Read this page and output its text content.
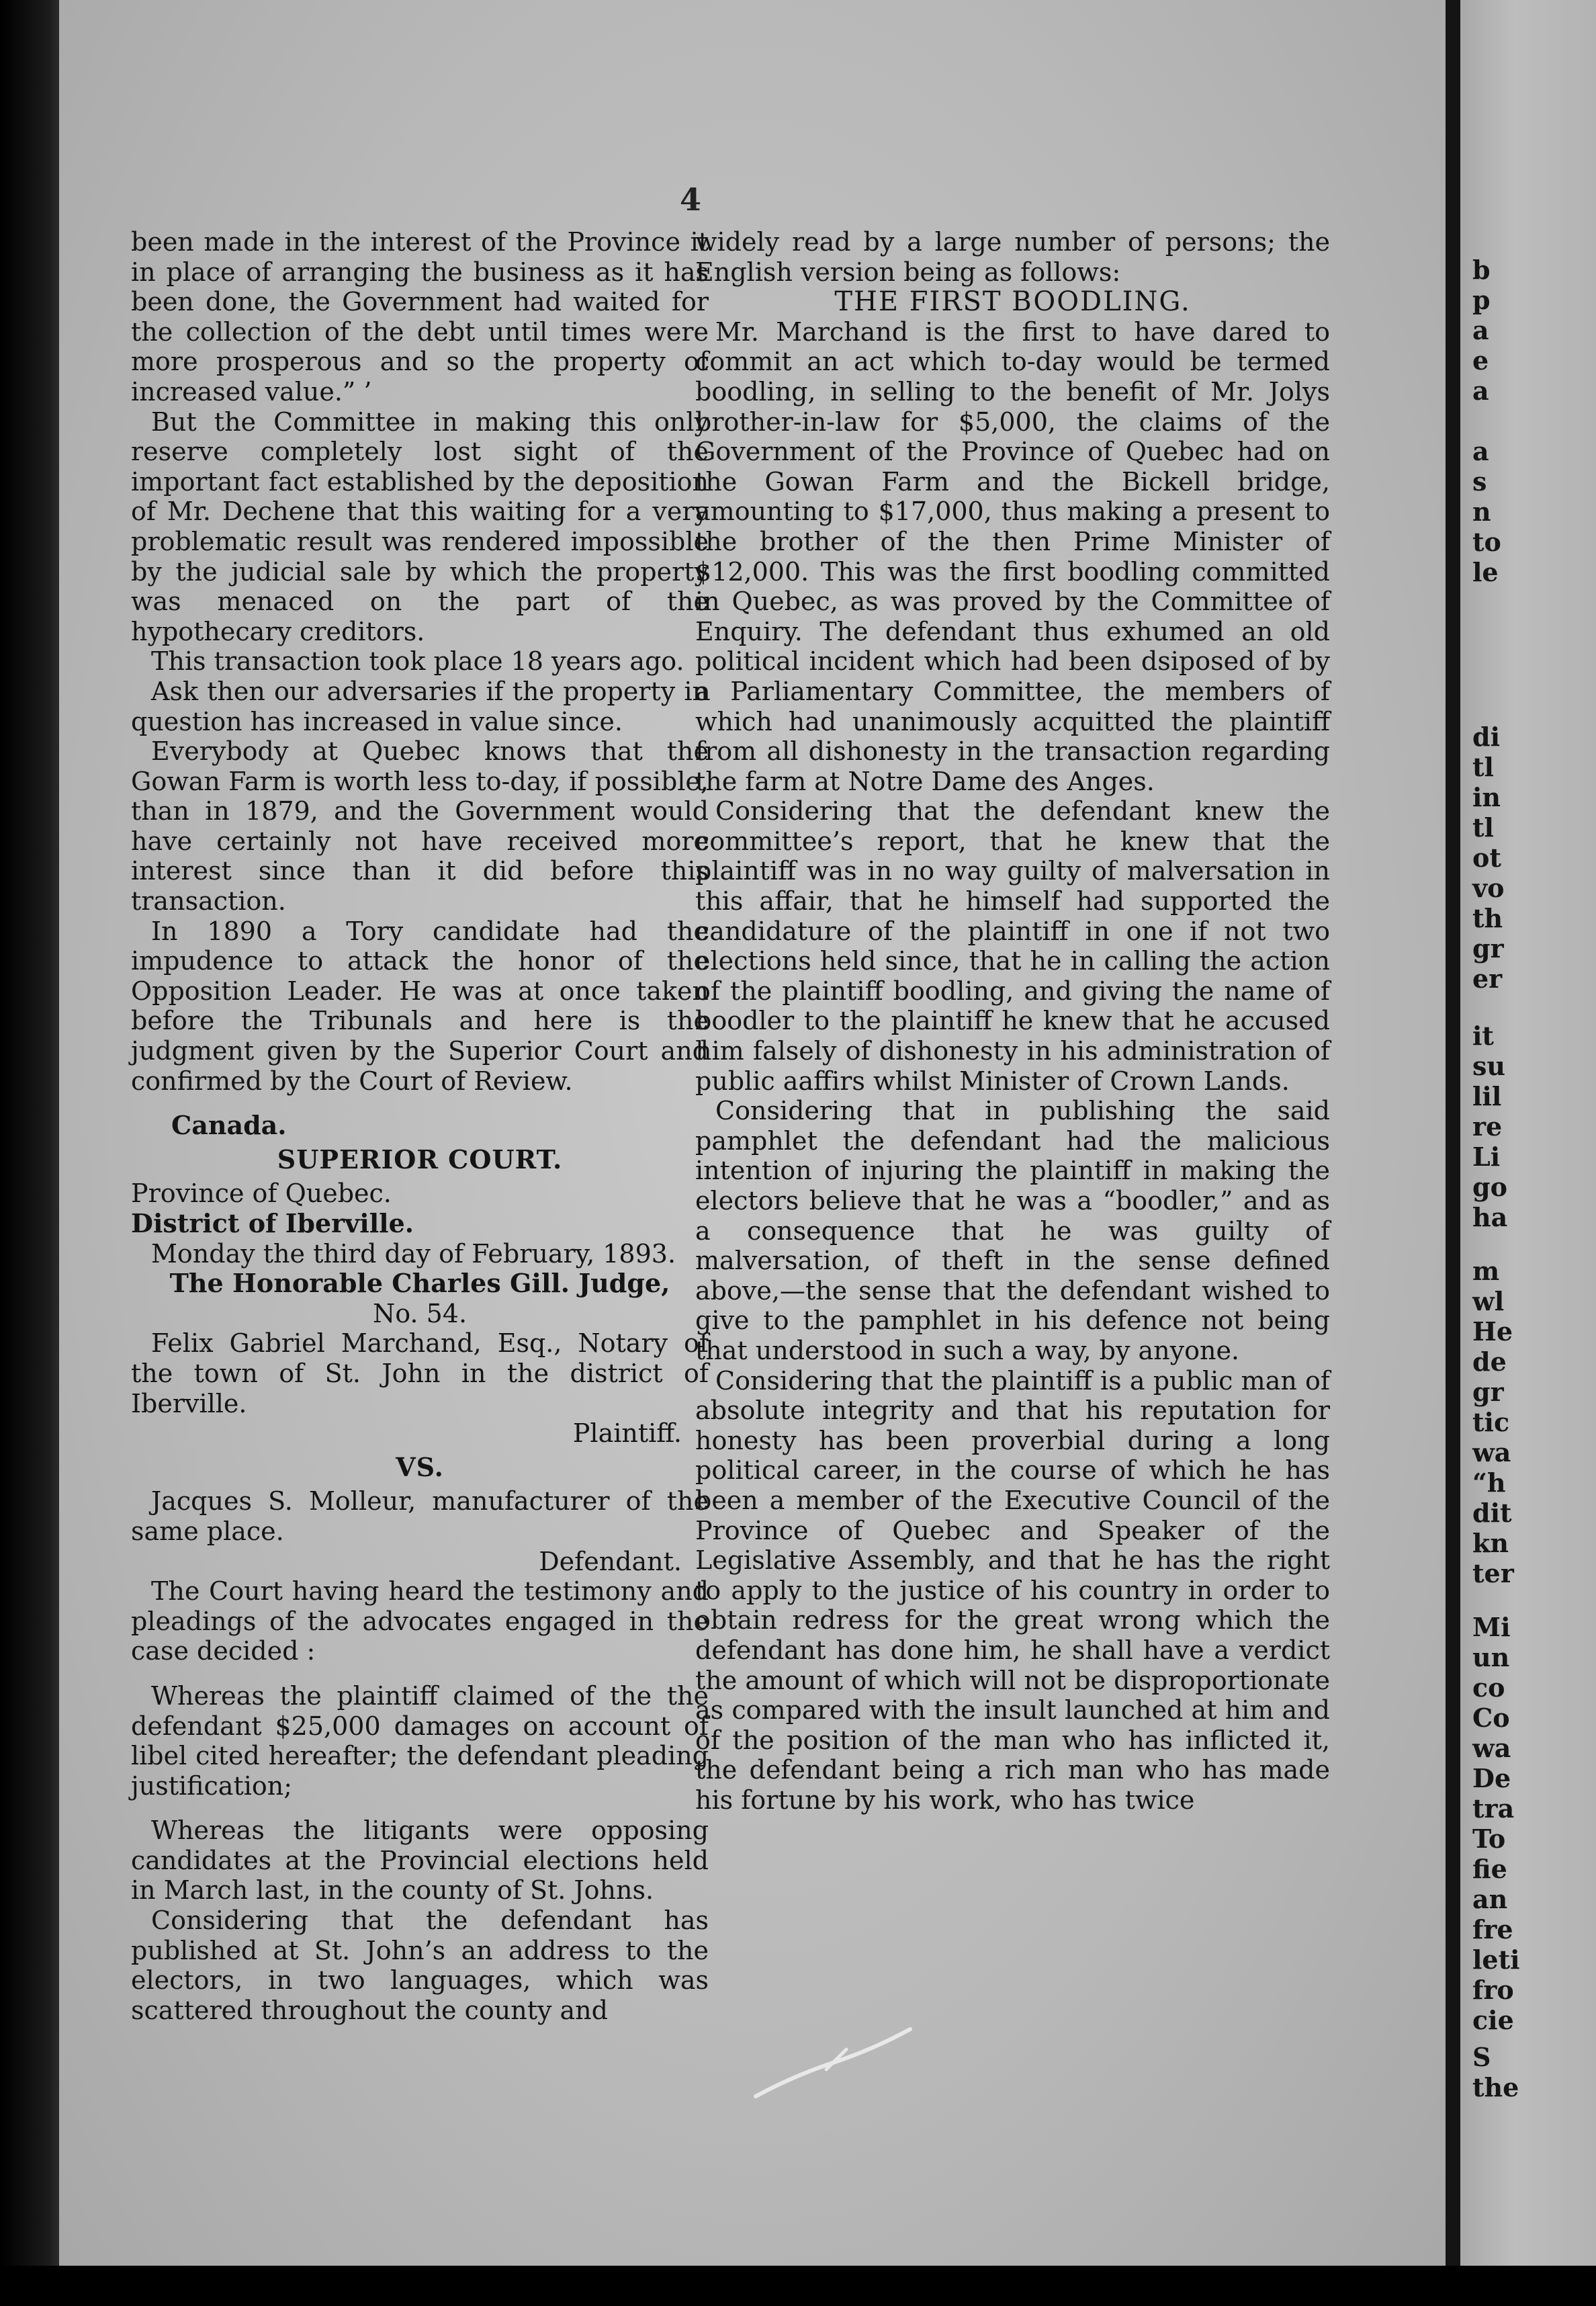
4

been made in the interest of the Province it in place of arranging the business as it has been done, the Government had waited for the collection of the debt until times were more prosperous and so the property of increased value.” ’

But the Committee in making this only reserve completely lost sight of the important fact established by the deposition of Mr. Dechene that this waiting for a very problematic result was rendered impossible by the judicial sale by which the property was menaced on the part of the hypothecary creditors.

This transaction took place 18 years ago.

Ask then our adversaries if the property in question has increased in value since.

Everybody at Quebec knows that the Gowan Farm is worth less to-day, if possible, than in 1879, and the Government would have certainly not have received more interest since than it did before this transaction.

In 1890 a Tory candidate had the impudence to attack the honor of the Opposition Leader. He was at once taken before the Tribunals and here is the judgment given by the Superior Court and confirmed by the Court of Review.

Canada.

SUPERIOR COURT.

Province of Quebec.

District of Iberville.

Monday the third day of February, 1893.

The Honorable Charles Gill. Judge,

No. 54.

Felix Gabriel Marchand, Esq., Notary of the town of St. John in the district of Iberville.

Plaintiff.

VS.

Jacques S. Molleur, manufacturer of the same place.

Defendant.

The Court having heard the testimony and pleadings of the advocates engaged in the case decided :

Whereas the plaintiff claimed of the the defendant $25,000 damages on account of libel cited hereafter; the defendant pleading justification;

Whereas the litigants were opposing candidates at the Provincial elections held in March last, in the county of St. Johns.

Considering that the defendant has published at St. John’s an address to the electors, in two languages, which was scattered throughout the county and

widely read by a large number of persons; the English version being as follows:

THE FIRST BOODLING.

Mr. Marchand is the first to have dared to commit an act which to-day would be termed boodling, in selling to the benefit of Mr. Jolys brother-in-law for $5,000, the claims of the Government of the Province of Quebec had on the Gowan Farm and the Bickell bridge, amounting to $17,000, thus making a present to the brother of the then Prime Minister of $12,000. This was the first boodling committed in Quebec, as was proved by the Committee of Enquiry. The defendant thus exhumed an old political incident which had been dsiposed of by a Parliamentary Committee, the members of which had unanimously acquitted the plaintiff from all dishonesty in the transaction regarding the farm at Notre Dame des Anges.

Considering that the defendant knew the committee’s report, that he knew that the plaintiff was in no way guilty of malversation in this affair, that he himself had supported the candidature of the plaintiff in one if not two elections held since, that he in calling the action of the plaintiff boodling, and giving the name of boodler to the plaintiff he knew that he accused him falsely of dishonesty in his administration of public aaffirs whilst Minister of Crown Lands.

Considering that in publishing the said pamphlet the defendant had the malicious intention of injuring the plaintiff in making the electors believe that he was a “boodler,” and as a consequence that he was guilty of malversation, of theft in the sense defined above,—the sense that the defendant wished to give to the pamphlet in his defence not being that understood in such a way, by anyone.

Considering that the plaintiff is a public man of absolute integrity and that his reputation for honesty has been proverbial during a long political career, in the course of which he has been a member of the Executive Council of the Province of Quebec and Speaker of the Legislative Assembly, and that he has the right to apply to the justice of his country in order to obtain redress for the great wrong which the defendant has done him, he shall have a verdict the amount of which will not be disproportionate as compared with the insult launched at him and of the position of the man who has inflicted it, the defendant being a rich man who has made his fortune by his work, who has twice

b
p
a
e
a
a
s
n
to
le
di
tl
in
tl
ot
vo
th
gr
er
it
su
lil
re
Li
go
ha
m
wl
He
de
gr
tic
wa
“h
dit
kn
ter
Mi
un
co
Co
wa
De
tra
To
fie
an
fre
leti
fro
cie
S
the
